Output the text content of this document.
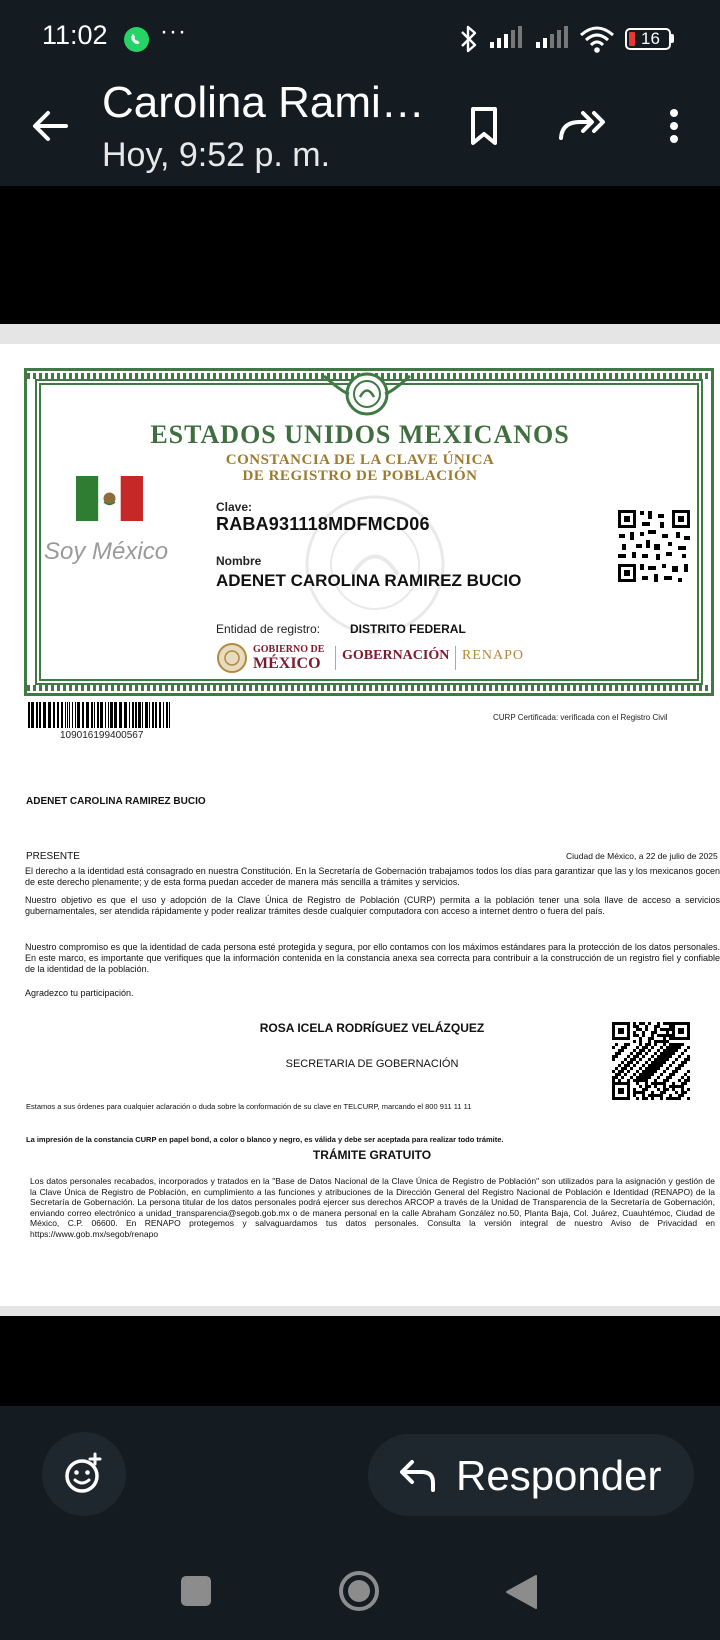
11:02 ···	16
Carolina Rami…
Hoy, 9:52 p. m.
ESTADOS UNIDOS MEXICANOS
CONSTANCIA DE LA CLAVE ÚNICA
DE REGISTRO DE POBLACIÓN
Soy México
Clave:
RABA931118MDFMCD06
Nombre
ADENET CAROLINA RAMIREZ BUCIO
Entidad de registro: DISTRITO FEDERAL
GOBIERNO DE
MÉXICO GOBERNACIÓN RENAPO
109016199400567
CURP Certificada: verificada con el Registro Civil
ADENET CAROLINA RAMIREZ BUCIO
PRESENTE	Ciudad de México, a 22 de julio de 2025
El derecho a la identidad está consagrado en nuestra Constitución. En la Secretaría de Gobernación trabajamos todos los días para garantizar que las y los mexicanos gocen de este derecho plenamente; y de esta forma puedan acceder de manera más sencilla a trámites y servicios.
Nuestro objetivo es que el uso y adopción de la Clave Única de Registro de Población (CURP) permita a la población tener una sola llave de acceso a servicios gubernamentales, ser atendida rápidamente y poder realizar trámites desde cualquier computadora con acceso a internet dentro o fuera del país.
Nuestro compromiso es que la identidad de cada persona esté protegida y segura, por ello contamos con los máximos estándares para la protección de los datos personales. En este marco, es importante que verifiques que la información contenida en la constancia anexa sea correcta para contribuir a la construcción de un registro fiel y confiable de la identidad de la población.
Agradezco tu participación.
ROSA ICELA RODRÍGUEZ VELÁZQUEZ
SECRETARIA DE GOBERNACIÓN
Estamos a sus órdenes para cualquier aclaración o duda sobre la conformación de su clave en TELCURP, marcando el 800 911 11 11
La impresión de la constancia CURP en papel bond, a color o blanco y negro, es válida y debe ser aceptada para realizar todo trámite.
TRÁMITE GRATUITO
Los datos personales recabados, incorporados y tratados en la "Base de Datos Nacional de la Clave Única de Registro de Población" son utilizados para la asignación y gestión de la Clave Única de Registro de Población, en cumplimiento a las funciones y atribuciones de la Dirección General del Registro Nacional de Población e Identidad (RENAPO) de la Secretaría de Gobernación. La persona titular de los datos personales podrá ejercer sus derechos ARCOP a través de la Unidad de Transparencia de la Secretaría de Gobernación, enviando correo electrónico a unidad_transparencia@segob.gob.mx o de manera personal en la calle Abraham González no.50, Planta Baja, Col. Juárez, Cuauhtémoc, Ciudad de México, C.P. 06600. En RENAPO protegemos y salvaguardamos tus datos personales. Consulta la versión integral de nuestro Aviso de Privacidad en https://www.gob.mx/segob/renapo
Responder
